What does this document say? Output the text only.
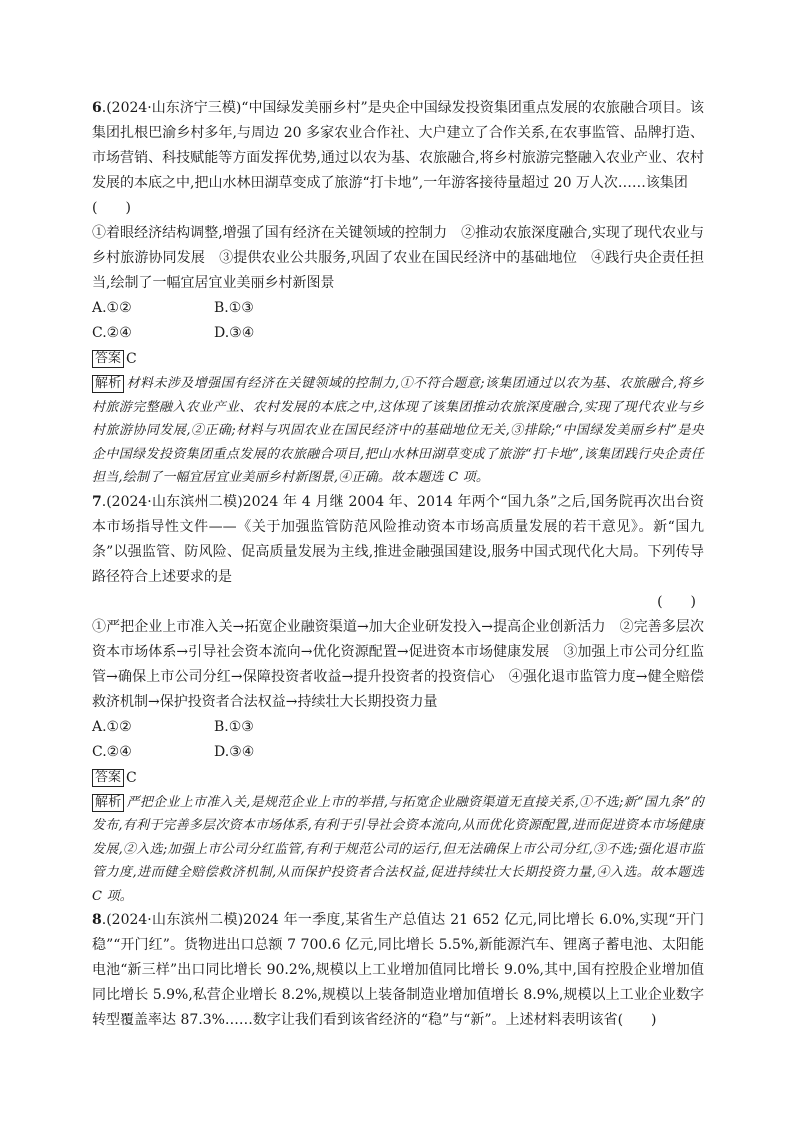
6.(2024·山东济宁三模)“中国绿发美丽乡村”是央企中国绿发投资集团重点发展的农旅融合项目。该集团扎根巴渝乡村多年,与周边 20 多家农业合作社、大户建立了合作关系,在农事监管、品牌打造、市场营销、科技赋能等方面发挥优势,通过以农为基、农旅融合,将乡村旅游完整融入农业产业、农村发展的本底之中,把山水林田湖草变成了旅游“打卡地”,一年游客接待量超过 20 万人次……该集团
(　　)

①着眼经济结构调整,增强了国有经济在关键领域的控制力　②推动农旅深度融合,实现了现代农业与乡村旅游协同发展　③提供农业公共服务,巩固了农业在国民经济中的基础地位　④践行央企责任担当,绘制了一幅宜居宜业美丽乡村新图景

A.①②	B.①③
C.②④	D.③④
答案 C

解析 材料未涉及增强国有经济在关键领域的控制力,①不符合题意;该集团通过以农为基、农旅融合,将乡村旅游完整融入农业产业、农村发展的本底之中,这体现了该集团推动农旅深度融合,实现了现代农业与乡村旅游协同发展,②正确;材料与巩固农业在国民经济中的基础地位无关,③排除;“中国绿发美丽乡村”是央企中国绿发投资集团重点发展的农旅融合项目,把山水林田湖草变成了旅游“打卡地”,该集团践行央企责任担当,绘制了一幅宜居宜业美丽乡村新图景,④正确。故本题选 C 项。

7.(2024·山东滨州二模)2024 年 4 月继 2004 年、2014 年两个“国九条”之后,国务院再次出台资本市场指导性文件——《关于加强监管防范风险推动资本市场高质量发展的若干意见》。新“国九条”以强监管、防风险、促高质量发展为主线,推进金融强国建设,服务中国式现代化大局。下列传导路径符合上述要求的是
(　　)

①严把企业上市准入关→拓宽企业融资渠道→加大企业研发投入→提高企业创新活力　②完善多层次资本市场体系→引导社会资本流向→优化资源配置→促进资本市场健康发展　③加强上市公司分红监管→确保上市公司分红→保障投资者收益→提升投资者的投资信心　④强化退市监管力度→健全赔偿救济机制→保护投资者合法权益→持续壮大长期投资力量

A.①②	B.①③
C.②④	D.③④
答案 C

解析 严把企业上市准入关,是规范企业上市的举措,与拓宽企业融资渠道无直接关系,①不选;新“国九条”的发布,有利于完善多层次资本市场体系,有利于引导社会资本流向,从而优化资源配置,进而促进资本市场健康发展,②入选;加强上市公司分红监管,有利于规范公司的运行,但无法确保上市公司分红,③不选;强化退市监管力度,进而健全赔偿救济机制,从而保护投资者合法权益,促进持续壮大长期投资力量,④入选。故本题选 C 项。

8.(2024·山东滨州二模)2024 年一季度,某省生产总值达 21 652 亿元,同比增长 6.0%,实现“开门稳”“开门红”。货物进出口总额 7 700.6 亿元,同比增长 5.5%,新能源汽车、锂离子蓄电池、太阳能电池“新三样”出口同比增长 90.2%,规模以上工业增加值同比增长 9.0%,其中,国有控股企业增加值同比增长 5.9%,私营企业增长 8.2%,规模以上装备制造业增加值增长 8.9%,规模以上工业企业数字转型覆盖率达 87.3%……数字让我们看到该省经济的“稳”与“新”。上述材料表明该省(　　)
